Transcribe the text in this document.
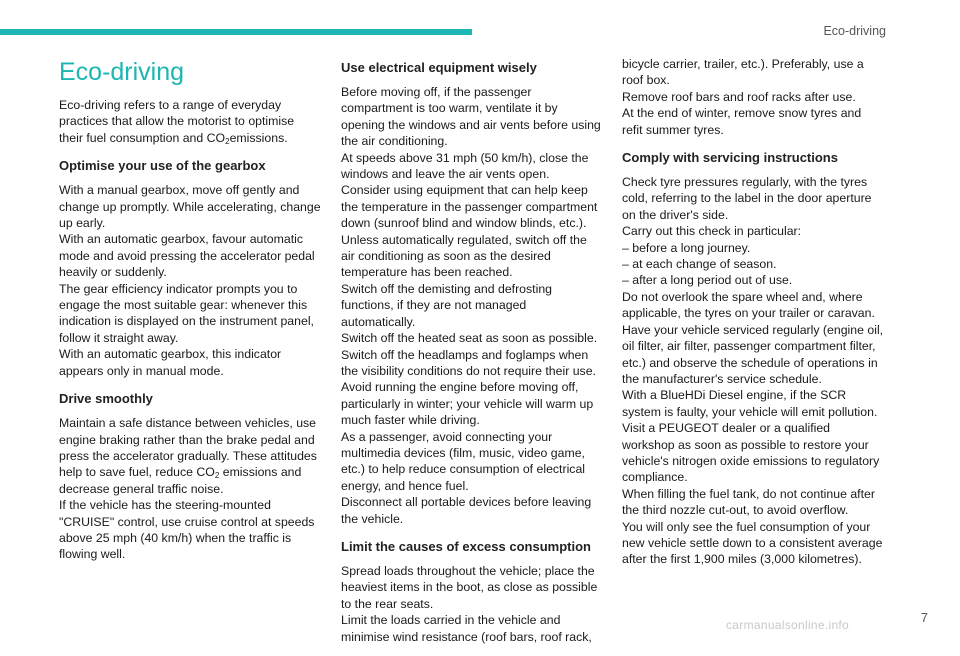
Eco-driving
Eco-driving

Eco-driving refers to a range of everyday practices that allow the motorist to optimise their fuel consumption and $CO_2emissions$.

Optimise your use of the gearbox

With a manual gearbox, move off gently and change up promptly. While accelerating, change up early.
With an automatic gearbox, favour automatic mode and avoid pressing the accelerator pedal heavily or suddenly.
The gear efficiency indicator prompts you to engage the most suitable gear: whenever this indication is displayed on the instrument panel, follow it straight away.
With an automatic gearbox, this indicator appears only in manual mode.

Drive smoothly

Maintain a safe distance between vehicles, use engine braking rather than the brake pedal and press the accelerator gradually. These attitudes help to save fuel, reduce $CO_2$ emissions and decrease general traffic noise.
If the vehicle has the steering-mounted "CRUISE" control, use cruise control at speeds above 25 mph (40 km/h) when the traffic is flowing well.

Use electrical equipment wisely

Before moving off, if the passenger compartment is too warm, ventilate it by opening the windows and air vents before using the air conditioning.
At speeds above 31 mph (50 km/h), close the windows and leave the air vents open.
Consider using equipment that can help keep the temperature in the passenger compartment down (sunroof blind and window blinds, etc.).
Unless automatically regulated, switch off the air conditioning as soon as the desired temperature has been reached.
Switch off the demisting and defrosting functions, if they are not managed automatically.
Switch off the heated seat as soon as possible.
Switch off the headlamps and foglamps when the visibility conditions do not require their use.
Avoid running the engine before moving off, particularly in winter; your vehicle will warm up much faster while driving.
As a passenger, avoid connecting your multimedia devices (film, music, video game, etc.) to help reduce consumption of electrical energy, and hence fuel.
Disconnect all portable devices before leaving the vehicle.

Limit the causes of excess consumption

Spread loads throughout the vehicle; place the heaviest items in the boot, as close as possible to the rear seats.
Limit the loads carried in the vehicle and minimise wind resistance (roof bars, roof rack,

bicycle carrier, trailer, etc.). Preferably, use a roof box.
Remove roof bars and roof racks after use.
At the end of winter, remove snow tyres and refit summer tyres.

Comply with servicing instructions

Check tyre pressures regularly, with the tyres cold, referring to the label in the door aperture on the driver's side.
Carry out this check in particular:
– before a long journey.
– at each change of season.
– after a long period out of use.
Do not overlook the spare wheel and, where applicable, the tyres on your trailer or caravan.
Have your vehicle serviced regularly (engine oil, oil filter, air filter, passenger compartment filter, etc.) and observe the schedule of operations in the manufacturer's service schedule.
With a BlueHDi Diesel engine, if the SCR system is faulty, your vehicle will emit pollution. Visit a PEUGEOT dealer or a qualified workshop as soon as possible to restore your vehicle's nitrogen oxide emissions to regulatory compliance.
When filling the fuel tank, do not continue after the third nozzle cut-out, to avoid overflow.
You will only see the fuel consumption of your new vehicle settle down to a consistent average after the first 1,900 miles (3,000 kilometres).

carmanualsonline.info	7
